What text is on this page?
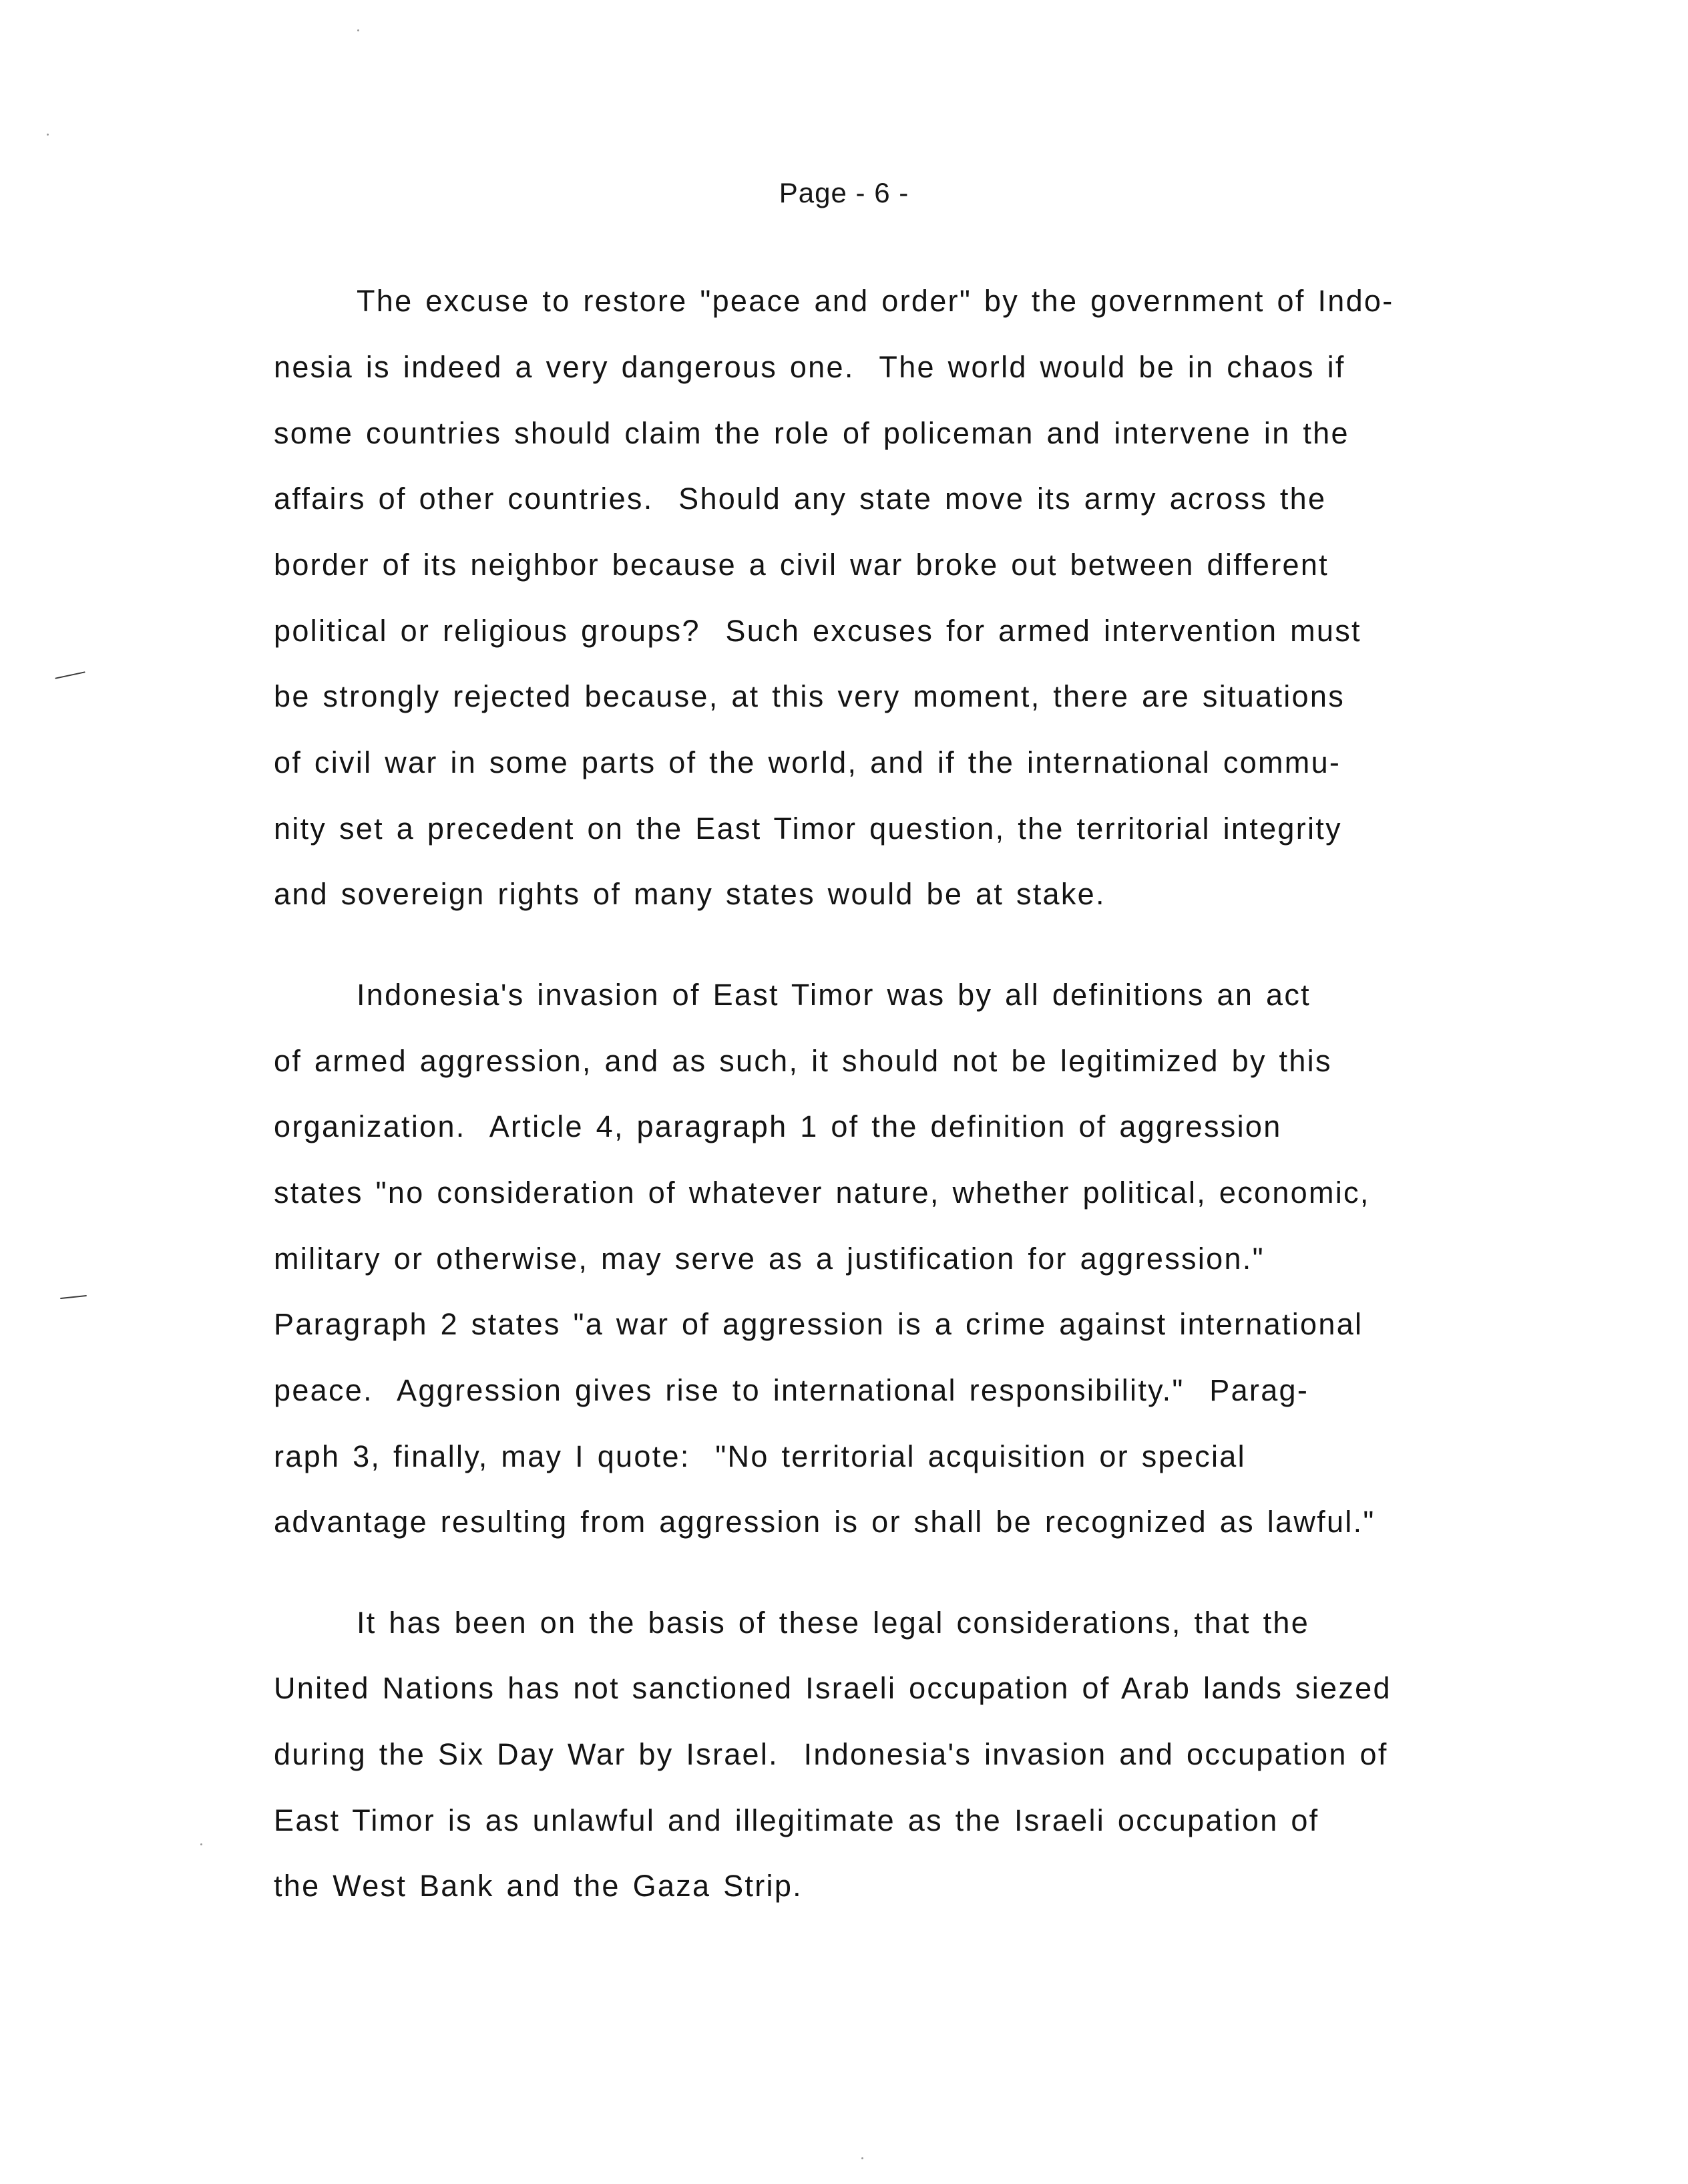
Page - 6 -
The excuse to restore "peace and order" by the government of Indo-
nesia is indeed a very dangerous one.  The world would be in chaos if
some countries should claim the role of policeman and intervene in the
affairs of other countries.  Should any state move its army across the
border of its neighbor because a civil war broke out between different
political or religious groups?  Such excuses for armed intervention must
be strongly rejected because, at this very moment, there are situations
of civil war in some parts of the world, and if the international commu-
nity set a precedent on the East Timor question, the territorial integrity
and sovereign rights of many states would be at stake.
Indonesia's invasion of East Timor was by all definitions an act
of armed aggression, and as such, it should not be legitimized by this
organization.  Article 4, paragraph 1 of the definition of aggression
states "no consideration of whatever nature, whether political, economic,
military or otherwise, may serve as a justification for aggression."
Paragraph 2 states "a war of aggression is a crime against international
peace.  Aggression gives rise to international responsibility."  Parag-
raph 3, finally, may I quote:  "No territorial acquisition or special
advantage resulting from aggression is or shall be recognized as lawful."
It has been on the basis of these legal considerations, that the
United Nations has not sanctioned Israeli occupation of Arab lands siezed
during the Six Day War by Israel.  Indonesia's invasion and occupation of
East Timor is as unlawful and illegitimate as the Israeli occupation of
the West Bank and the Gaza Strip.
